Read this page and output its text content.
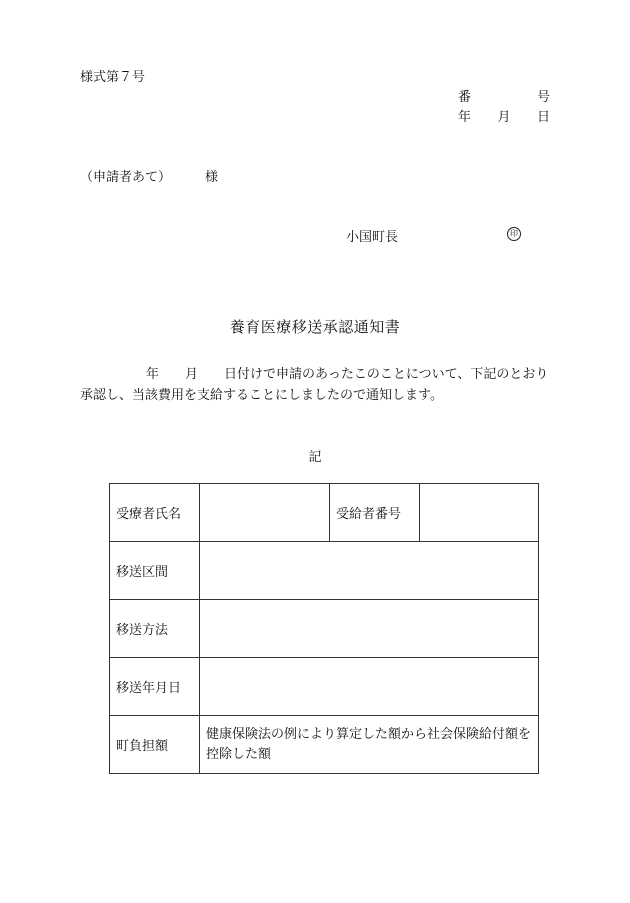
様式第７号
番	号
年 月 日
（申請者あて）	様
小国町長	印
養育医療移送承認通知書
年 月 日付けで申請のあったこのことについて、下記のとおり承認し、当該費用を支給することにしましたので通知します。
記
受療者氏名		受給者番号	
移送区間			
移送方法			
移送年月日			
町負担額	健康保険法の例により算定した額から社会保険給付額を控除した額		
